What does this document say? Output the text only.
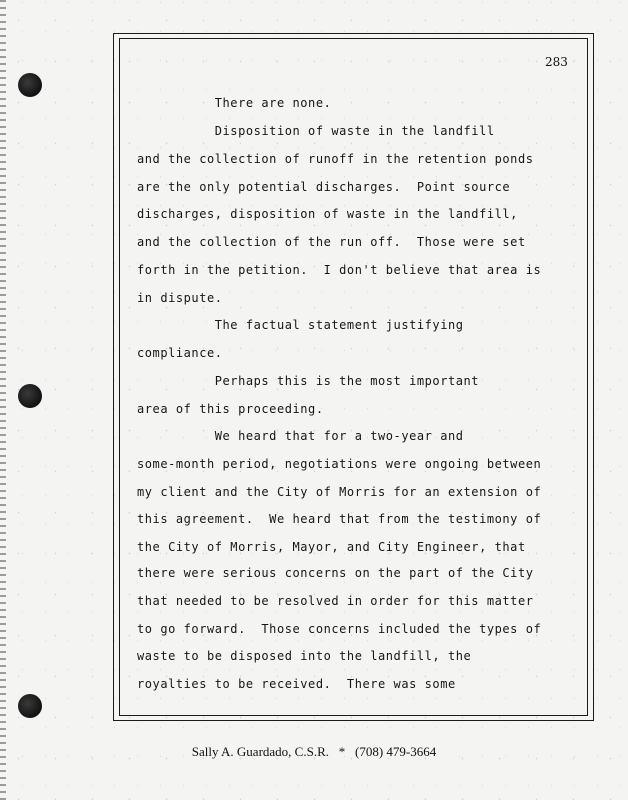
283
There are none.
Disposition of waste in the landfill
and the collection of runoff in the retention ponds
are the only potential discharges.  Point source
discharges, disposition of waste in the landfill,
and the collection of the run off.  Those were set
forth in the petition.  I don't believe that area is
in dispute.
The factual statement justifying
compliance.
Perhaps this is the most important
area of this proceeding.
We heard that for a two-year and
some-month period, negotiations were ongoing between
my client and the City of Morris for an extension of
this agreement.  We heard that from the testimony of
the City of Morris, Mayor, and City Engineer, that
there were serious concerns on the part of the City
that needed to be resolved in order for this matter
to go forward.  Those concerns included the types of
waste to be disposed into the landfill, the
royalties to be received.  There was some
Sally A. Guardado, C.S.R.   *   (708) 479-3664
